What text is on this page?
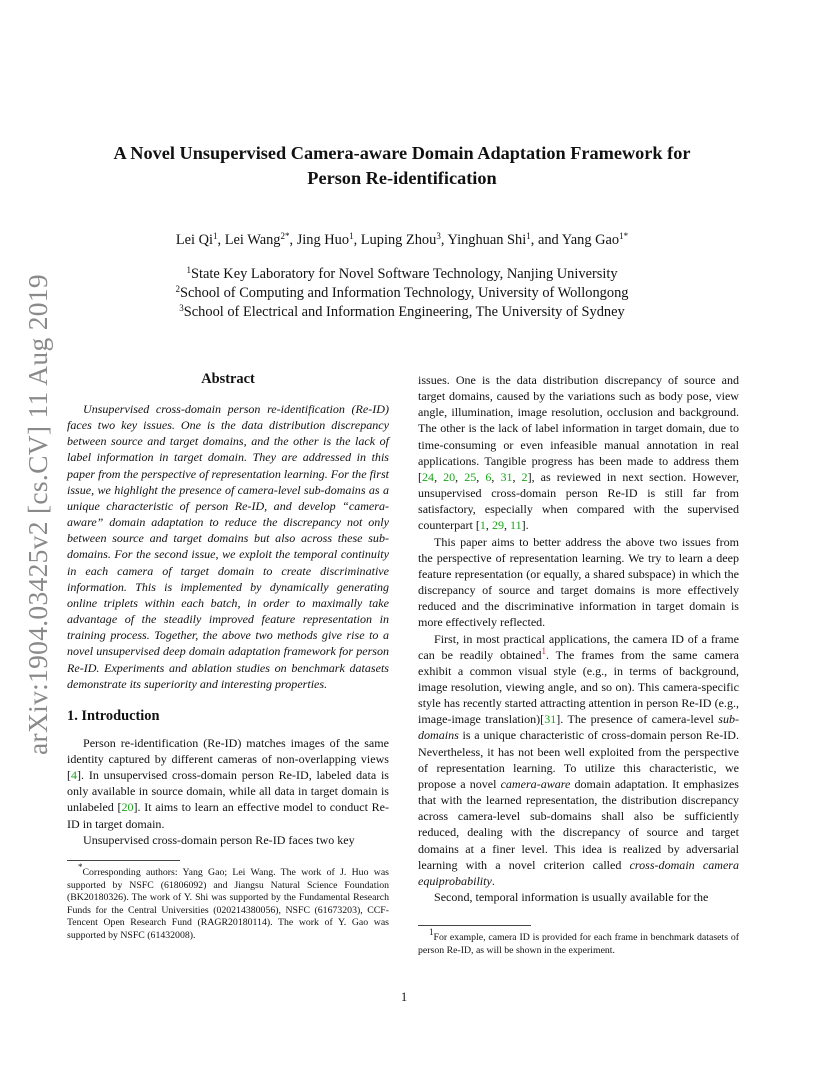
arXiv:1904.03425v2 [cs.CV] 11 Aug 2019
A Novel Unsupervised Camera-aware Domain Adaptation Framework for
Person Re-identification
Lei Qi$^1$, Lei Wang$^{2*}$, Jing Huo$^1$, Luping Zhou$^3$, Yinghuan Shi$^1$, and Yang Gao$^{1*}$
$^1$State Key Laboratory for Novel Software Technology, Nanjing University
$^2$School of Computing and Information Technology, University of Wollongong
$^3$School of Electrical and Information Engineering, The University of Sydney
Abstract

Unsupervised cross-domain person re-identification (Re-ID) faces two key issues. One is the data distribution discrepancy between source and target domains, and the other is the lack of label information in target domain. They are addressed in this paper from the perspective of representation learning. For the first issue, we highlight the presence of camera-level sub-domains as a unique characteristic of person Re-ID, and develop “camera-aware” domain adaptation to reduce the discrepancy not only between source and target domains but also across these sub-domains. For the second issue, we exploit the temporal continuity in each camera of target domain to create discriminative information. This is implemented by dynamically generating online triplets within each batch, in order to maximally take advantage of the steadily improved feature representation in training process. Together, the above two methods give rise to a novel unsupervised deep domain adaptation framework for person Re-ID. Experiments and ablation studies on benchmark datasets demonstrate its superiority and interesting properties.

1. Introduction

Person re-identification (Re-ID) matches images of the same identity captured by different cameras of non-overlapping views [4]. In unsupervised cross-domain person Re-ID, labeled data is only available in source domain, while all data in target domain is unlabeled [20]. It aims to learn an effective model to conduct Re-ID in target domain.

Unsupervised cross-domain person Re-ID faces two key

*Corresponding authors: Yang Gao; Lei Wang. The work of J. Huo was supported by NSFC (61806092) and Jiangsu Natural Science Foundation (BK20180326). The work of Y. Shi was supported by the Fundamental Research Funds for the Central Universities (020214380056), NSFC (61673203), CCF-Tencent Open Research Fund (RAGR20180114). The work of Y. Gao was supported by NSFC (61432008).

issues. One is the data distribution discrepancy of source and target domains, caused by the variations such as body pose, view angle, illumination, image resolution, occlusion and background. The other is the lack of label information in target domain, due to time-consuming or even infeasible manual annotation in real applications. Tangible progress has been made to address them [24, 20, 25, 6, 31, 2], as reviewed in next section. However, unsupervised cross-domain person Re-ID is still far from satisfactory, especially when compared with the supervised counterpart [1, 29, 11].

This paper aims to better address the above two issues from the perspective of representation learning. We try to learn a deep feature representation (or equally, a shared subspace) in which the discrepancy of source and target domains is more effectively reduced and the discriminative information in target domain is more effectively reflected.

First, in most practical applications, the camera ID of a frame can be readily obtained$^1$. The frames from the same camera exhibit a common visual style (e.g., in terms of background, image resolution, viewing angle, and so on). This camera-specific style has recently started attracting attention in person Re-ID (e.g., image-image translation)[31]. The presence of camera-level sub-domains is a unique characteristic of cross-domain person Re-ID. Nevertheless, it has not been well exploited from the perspective of representation learning. To utilize this characteristic, we propose a novel camera-aware domain adaptation. It emphasizes that with the learned representation, the distribution discrepancy across camera-level sub-domains shall also be sufficiently reduced, dealing with the discrepancy of source and target domains at a finer level. This idea is realized by adversarial learning with a novel criterion called cross-domain camera equiprobability.

Second, temporal information is usually available for the

$^1$For example, camera ID is provided for each frame in benchmark datasets of person Re-ID, as will be shown in the experiment.

1
